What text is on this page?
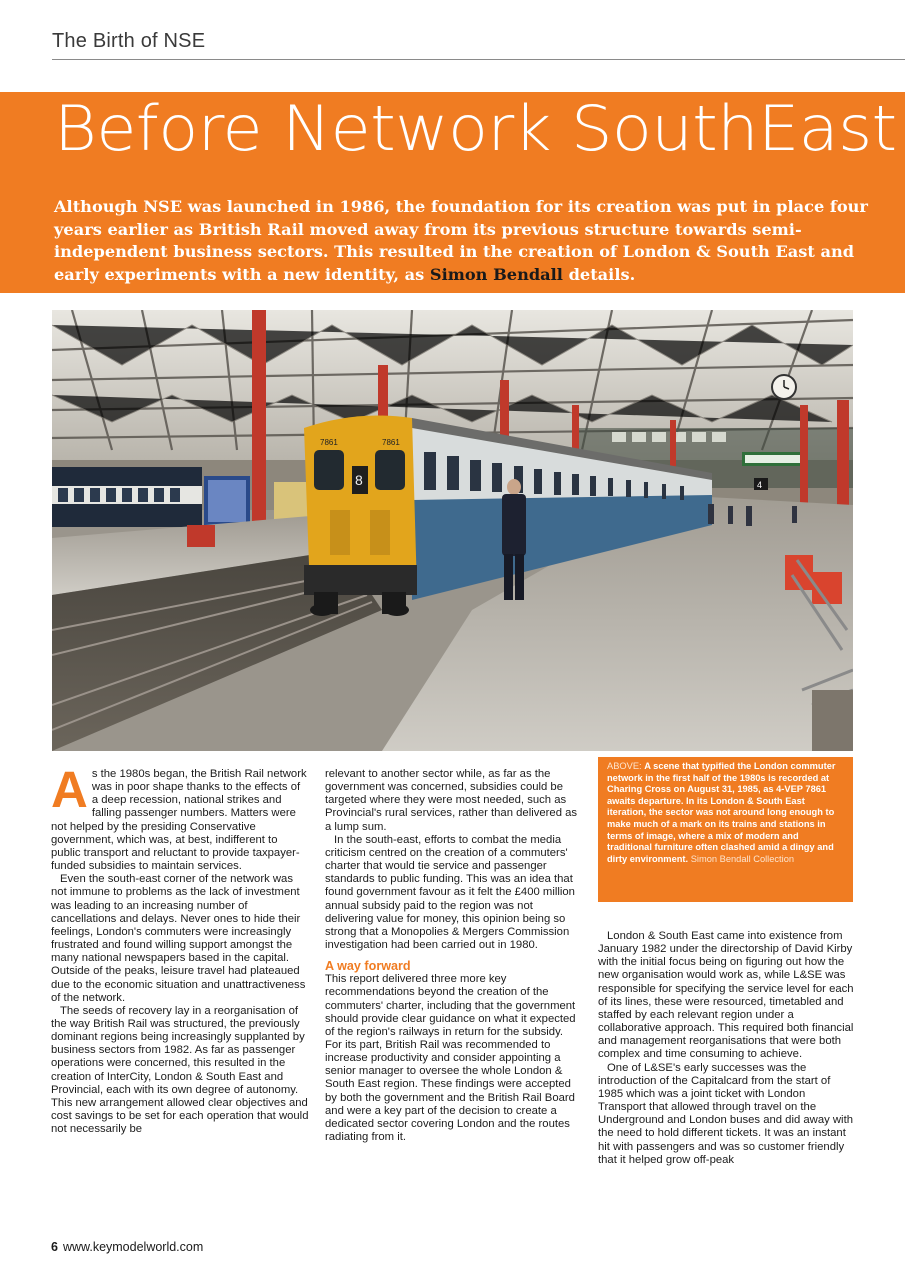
The Birth of NSE
Before Network SouthEast

Although NSE was launched in 1986, the foundation for its creation was put in place four years earlier as British Rail moved away from its previous structure towards semi-independent business sectors. This resulted in the creation of London & South East and early experiments with a new identity, as Simon Bendall details.

8
7861	7861
4
A s the 1980s began, the British Rail network was in poor shape thanks to the effects of a deep recession, national strikes and falling passenger numbers. Matters were not helped by the presiding Conservative government, which was, at best, indifferent to public transport and reluctant to provide taxpayer-funded subsidies to maintain services.

Even the south-east corner of the network was not immune to problems as the lack of investment was leading to an increasing number of cancellations and delays. Never ones to hide their feelings, London's commuters were increasingly frustrated and found willing support amongst the many national newspapers based in the capital. Outside of the peaks, leisure travel had plateaued due to the economic situation and unattractiveness of the network.

The seeds of recovery lay in a reorganisation of the way British Rail was structured, the previously dominant regions being increasingly supplanted by business sectors from 1982. As far as passenger operations were concerned, this resulted in the creation of InterCity, London & South East and Provincial, each with its own degree of autonomy. This new arrangement allowed clear objectives and cost savings to be set for each operation that would not necessarily be

relevant to another sector while, as far as the government was concerned, subsidies could be targeted where they were most needed, such as Provincial's rural services, rather than delivered as a lump sum.

In the south-east, efforts to combat the media criticism centred on the creation of a commuters' charter that would tie service and passenger standards to public funding. This was an idea that found government favour as it felt the £400 million annual subsidy paid to the region was not delivering value for money, this opinion being so strong that a Monopolies & Mergers Commission investigation had been carried out in 1980.

A way forward

This report delivered three more key recommendations beyond the creation of the commuters' charter, including that the government should provide clear guidance on what it expected of the region's railways in return for the subsidy. For its part, British Rail was recommended to increase productivity and consider appointing a senior manager to oversee the whole London & South East region. These findings were accepted by both the government and the British Rail Board and were a key part of the decision to create a dedicated sector covering London and the routes radiating from it.

ABOVE: A scene that typified the London commuter network in the first half of the 1980s is recorded at Charing Cross on August 31, 1985, as 4-VEP 7861 awaits departure. In its London & South East iteration, the sector was not around long enough to make much of a mark on its trains and stations in terms of image, where a mix of modern and traditional furniture often clashed amid a dingy and dirty environment. Simon Bendall Collection

London & South East came into existence from January 1982 under the directorship of David Kirby with the initial focus being on figuring out how the new organisation would work as, while L&SE was responsible for specifying the service level for each of its lines, these were resourced, timetabled and staffed by each relevant region under a collaborative approach. This required both financial and management reorganisations that were both complex and time consuming to achieve.

One of L&SE's early successes was the introduction of the Capitalcard from the start of 1985 which was a joint ticket with London Transport that allowed through travel on the Underground and London buses and did away with the need to hold different tickets. It was an instant hit with passengers and was so customer friendly that it helped grow off-peak

6 www.keymodelworld.com
